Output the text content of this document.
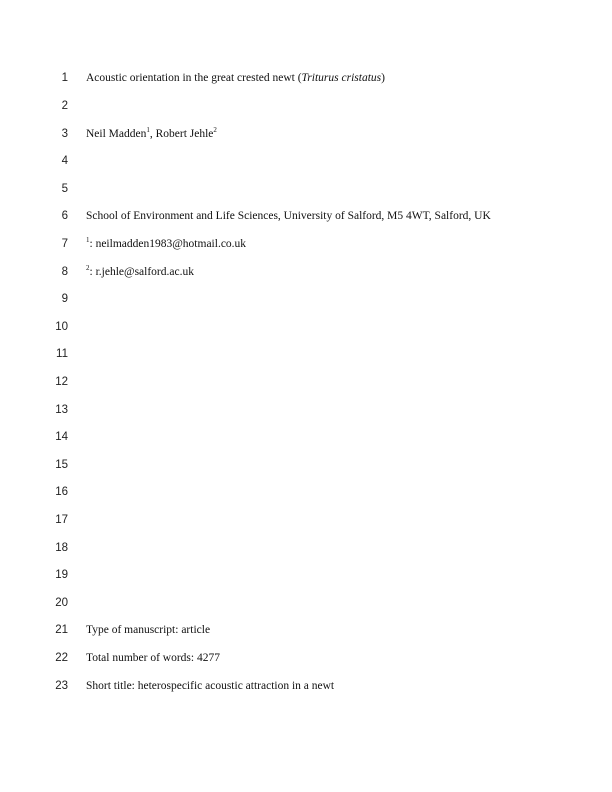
1 Acoustic orientation in the great crested newt (Triturus cristatus)
2
3 Neil Madden$^1$, Robert Jehle$^2$
4
5
6 School of Environment and Life Sciences, University of Salford, M5 4WT, Salford, UK
7	$^1$: neilmadden1983@hotmail.co.uk
8	$^2$: r.jehle@salford.ac.uk
9
10
11
12
13
14
15
16
17
18
19
20
21 Type of manuscript: article
22 Total number of words: 4277
23 Short title: heterospecific acoustic attraction in a newt
